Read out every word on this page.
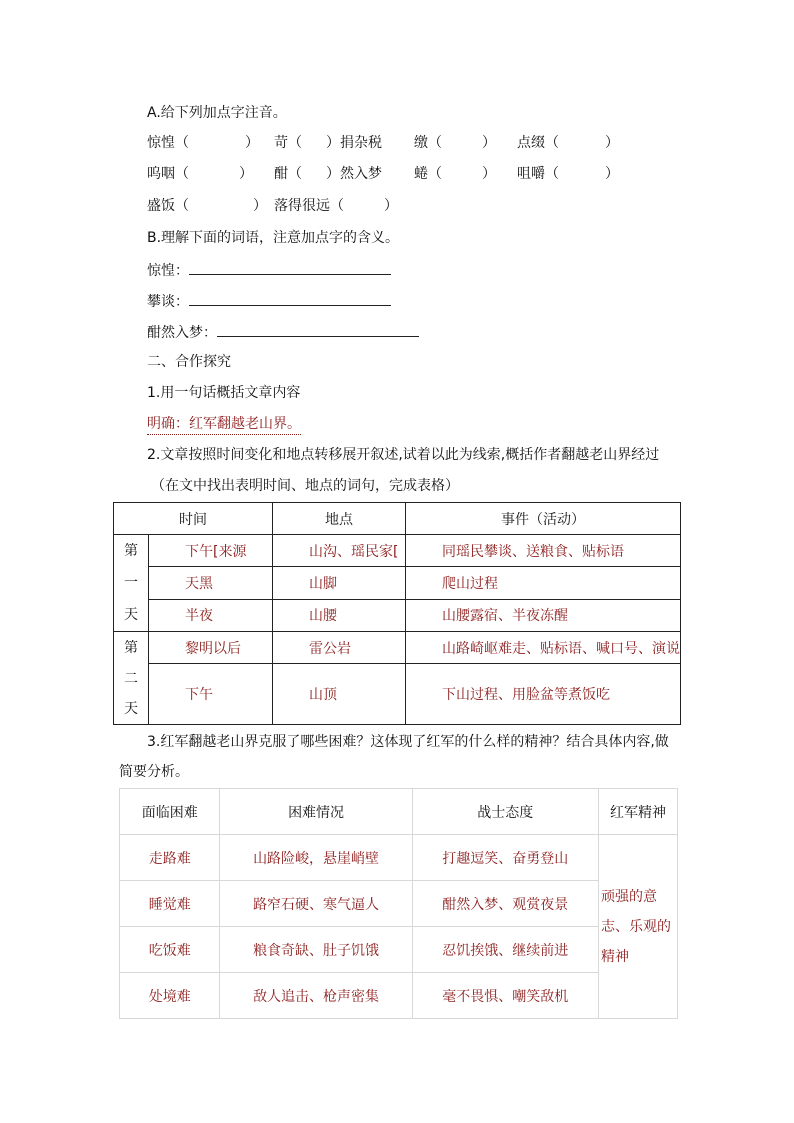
A.给下列加点字注音。
惊惶（	） 苛（ ）捐杂税 缴（	） 点缀（	）
呜咽（	） 酣（ ）然入梦 蜷（	） 咀嚼（	）
盛饭（	） 落得很远（	）
B.理解下面的词语，注意加点字的含义。
惊惶：
攀谈：
酣然入梦：
二、合作探究
1.用一句话概括文章内容
明确：红军翻越老山界。
2.文章按照时间变化和地点转移展开叙述,试着以此为线索,概括作者翻越老山界经过
（在文中找出表明时间、地点的词句，完成表格）
时间		地点	事件（活动）

第
一
天	下午[来源	山沟、瑶民家[	同瑶民攀谈、送粮食、贴标语
	天黑	山脚	爬山过程
	半夜	山腰	山腰露宿、半夜冻醒

第
二
天	黎明以后	雷公岩	山路崎岖难走、贴标语、喊口号、演说
	下午	山顶	下山过程、用脸盆等煮饭吃
3.红军翻越老山界克服了哪些困难？这体现了红军的什么样的精神？结合具体内容,做
简要分析。
面临困难	困难情况	战士态度	红军精神
走路难	山路险峻，悬崖峭壁	打趣逗笑、奋勇登山	顽强的意志、乐观的精神

睡觉难	路窄石硬、寒气逼人	酣然入梦、观赏夜景	
吃饭难	粮食奇缺、肚子饥饿	忍饥挨饿、继续前进	
处境难	敌人追击、枪声密集	毫不畏惧、嘲笑敌机	
